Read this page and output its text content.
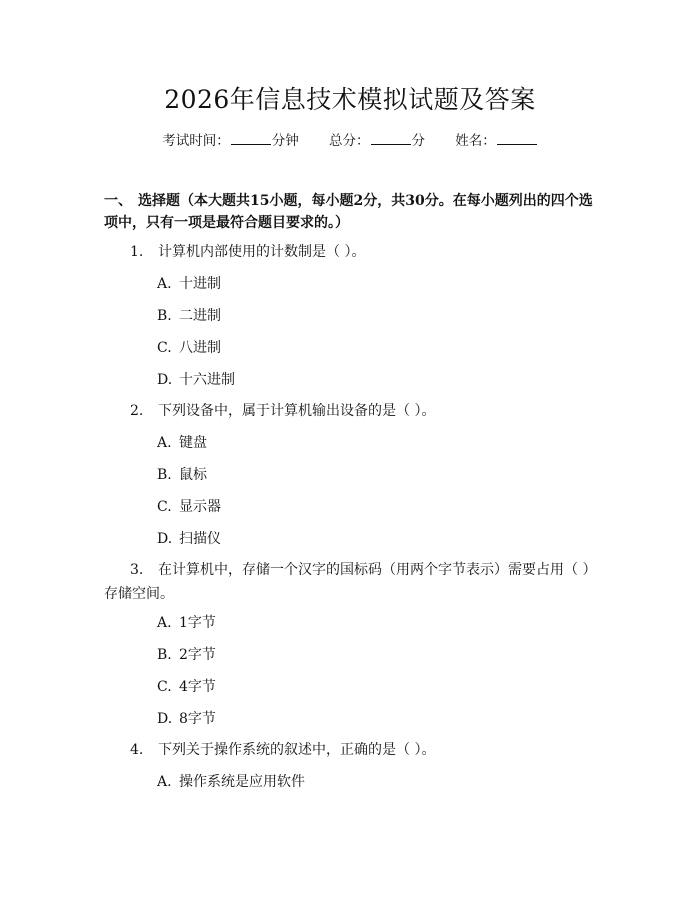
2026年信息技术模拟试题及答案
考试时间：	分钟 总分：	分 姓名：
一、 选择题（本大题共15小题，每小题2分，共30分。在每小题列出的四个选项中，只有一项是最符合题目要求的。）
1. 计算机内部使用的计数制是（ ）。
A. 十进制
B. 二进制
C. 八进制
D. 十六进制
2. 下列设备中，属于计算机输出设备的是（ ）。
A. 键盘
B. 鼠标
C. 显示器
D. 扫描仪
3. 在计算机中，存储一个汉字的国标码（用两个字节表示）需要占用（ ）存储空间。
A. 1字节
B. 2字节
C. 4字节
D. 8字节
4. 下列关于操作系统的叙述中，正确的是（ ）。
A. 操作系统是应用软件
